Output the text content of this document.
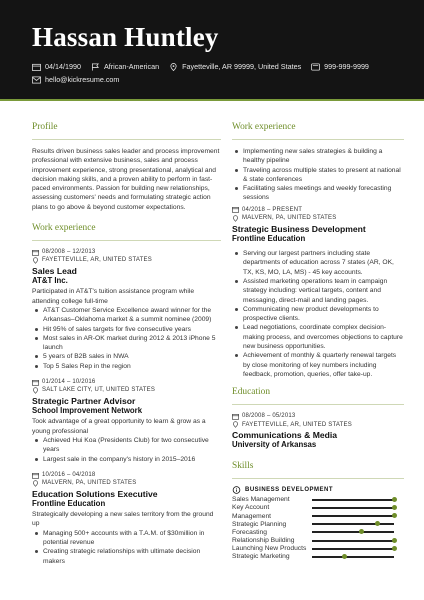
Hassan Huntley
04/14/1990	African-American	Fayetteville, AR 99999, United States	999-999-9999
hello@kickresume.com
Profile

Results driven business sales leader and process improvement professional with extensive business, sales and process improvement experience, strong presentational, analytical and decision making skills, and a proven ability to perform in fast-paced environments. Passion for building new relationships, assessing customers' needs and formulating strategic action plans to go above & beyond customer expectations.

Work experience
08/2008 – 12/2013
FAYETTEVILLE, AR, UNITED STATES
Sales Lead
AT&T Inc.

Participated in AT&T's tuition assistance program while attending college full-time

AT&T Customer Service Excellence award winner for the Arkansas–Oklahoma market & a summit nominee (2009)
Hit 95% of sales targets for five consecutive years
Most sales in AR-OK market during 2012 & 2013 iPhone 5 launch
5 years of B2B sales in NWA
Top 5 Sales Rep in the region
01/2014 – 10/2016
SALT LAKE CITY, UT, UNITED STATES
Strategic Partner Advisor
School Improvement Network

Took advantage of a great opportunity to learn & grow as a young professional

Achieved Hui Koa (Presidents Club) for two consecutive years
Largest sale in the company's history in 2015–2016
10/2016 – 04/2018
MALVERN, PA, UNITED STATES
Education Solutions Executive
Frontline Education

Strategically developing a new sales territory from the ground up

Managing 500+ accounts with a T.A.M. of $30million in potential revenue
Creating strategic relationships with ultimate decision makers
Work experience
Implementing new sales strategies & building a healthy pipeline
Traveling across multiple states to present at national & state conferences
Facilitating sales meetings and weekly forecasting sessions
04/2018 – PRESENT
MALVERN, PA, UNITED STATES
Strategic Business Development
Frontline Education
Serving our largest partners including state departments of education across 7 states (AR, OK, TX, KS, MO, LA, MS) - 45 key accounts.
Assisted marketing operations team in campaign strategy including: vertical targets, content and messaging, direct-mail and landing pages.
Communicating new product developments to prospective clients.
Lead negotiations, coordinate complex decision-making process, and overcomes objections to capture new business opportunities.
Achievement of monthly & quarterly renewal targets by close monitoring of key numbers including feedback, promotion, queries, offer take-up.
Education
08/2008 – 05/2013
FAYETTEVILLE, AR, UNITED STATES
Communications & Media
University of Arkansas
Skills
BUSINESS DEVELOPMENT
Sales Management
Key Account
Management
Strategic Planning
Forecasting
Relationship Building
Launching New Products
Strategic Marketing
